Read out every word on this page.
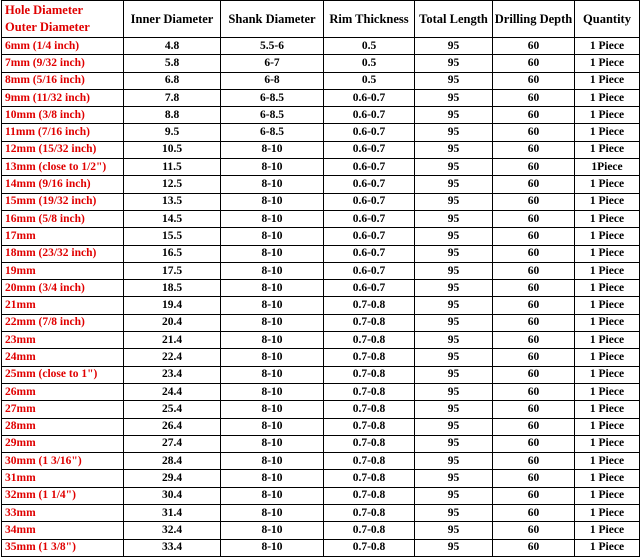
Hole Diameter
Outer Diameter	Inner Diameter	Shank Diameter	Rim Thickness	Total Length	Drilling Depth	Quantity
6mm (1/4 inch)	4.8	5.5-6	0.5	95	60	1 Piece
7mm (9/32 inch)	5.8	6-7	0.5	95	60	1 Piece
8mm (5/16 inch)	6.8	6-8	0.5	95	60	1 Piece
9mm (11/32 inch)	7.8	6-8.5	0.6-0.7	95	60	1 Piece
10mm (3/8 inch)	8.8	6-8.5	0.6-0.7	95	60	1 Piece
11mm (7/16 inch)	9.5	6-8.5	0.6-0.7	95	60	1 Piece
12mm (15/32 inch)	10.5	8-10	0.6-0.7	95	60	1 Piece
13mm (close to 1/2")	11.5	8-10	0.6-0.7	95	60	1Piece
14mm (9/16 inch)	12.5	8-10	0.6-0.7	95	60	1 Piece
15mm (19/32 inch)	13.5	8-10	0.6-0.7	95	60	1 Piece
16mm (5/8 inch)	14.5	8-10	0.6-0.7	95	60	1 Piece
17mm	15.5	8-10	0.6-0.7	95	60	1 Piece
18mm (23/32 inch)	16.5	8-10	0.6-0.7	95	60	1 Piece
19mm	17.5	8-10	0.6-0.7	95	60	1 Piece
20mm (3/4 inch)	18.5	8-10	0.6-0.7	95	60	1 Piece
21mm	19.4	8-10	0.7-0.8	95	60	1 Piece
22mm (7/8 inch)	20.4	8-10	0.7-0.8	95	60	1 Piece
23mm	21.4	8-10	0.7-0.8	95	60	1 Piece
24mm	22.4	8-10	0.7-0.8	95	60	1 Piece
25mm (close to 1")	23.4	8-10	0.7-0.8	95	60	1 Piece
26mm	24.4	8-10	0.7-0.8	95	60	1 Piece
27mm	25.4	8-10	0.7-0.8	95	60	1 Piece
28mm	26.4	8-10	0.7-0.8	95	60	1 Piece
29mm	27.4	8-10	0.7-0.8	95	60	1 Piece
30mm (1 3/16")	28.4	8-10	0.7-0.8	95	60	1 Piece
31mm	29.4	8-10	0.7-0.8	95	60	1 Piece
32mm (1 1/4")	30.4	8-10	0.7-0.8	95	60	1 Piece
33mm	31.4	8-10	0.7-0.8	95	60	1 Piece
34mm	32.4	8-10	0.7-0.8	95	60	1 Piece
35mm (1 3/8")	33.4	8-10	0.7-0.8	95	60	1 Piece
